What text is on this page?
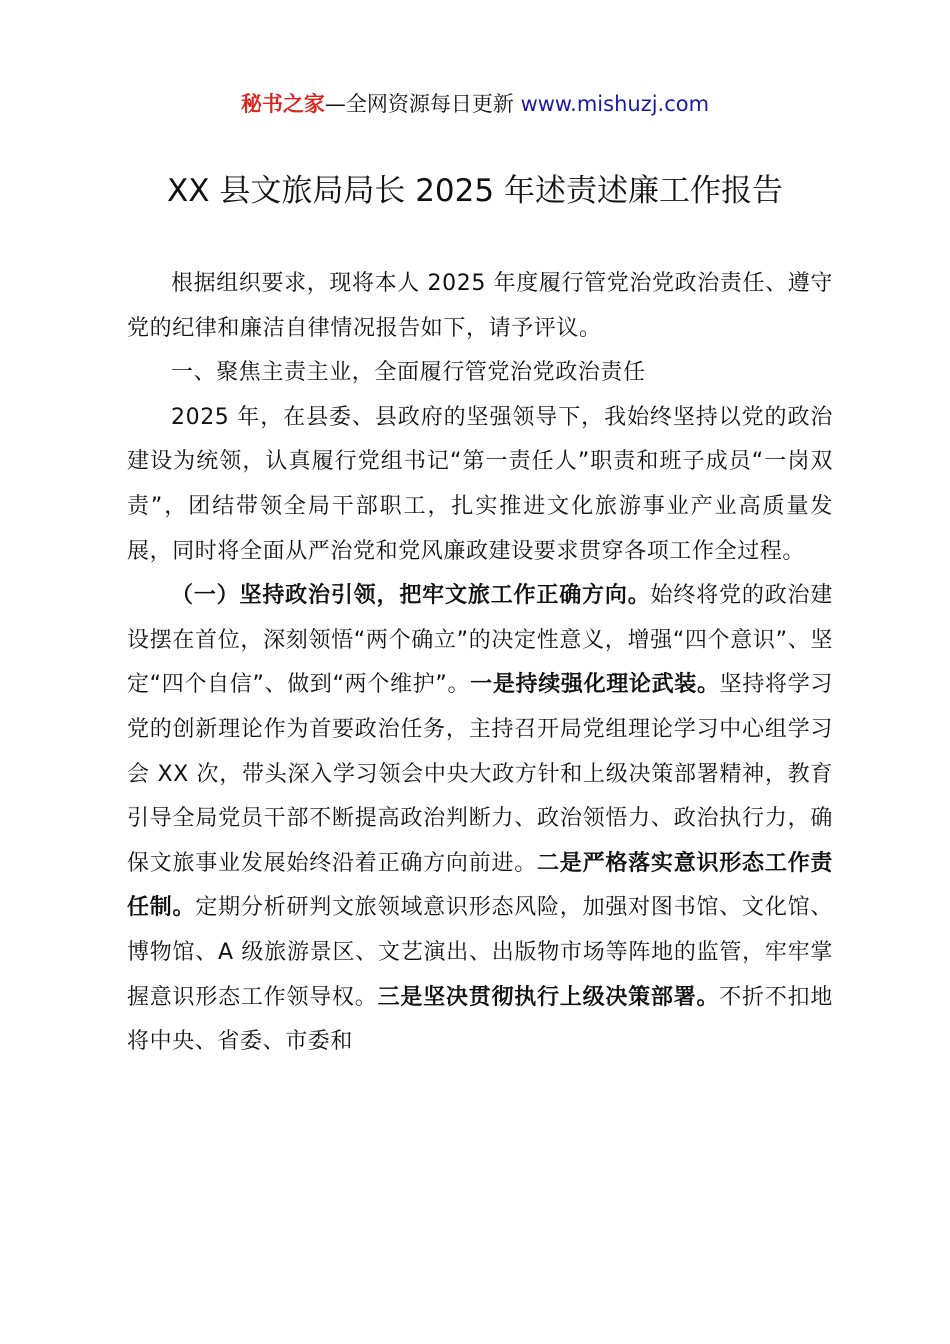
秘书之家—全网资源每日更新 www.mishuzj.com
XX 县文旅局局长 2025 年述责述廉工作报告

根据组织要求，现将本人 2025 年度履行管党治党政治责任、遵守党的纪律和廉洁自律情况报告如下，请予评议。

一、聚焦主责主业，全面履行管党治党政治责任

2025 年，在县委、县政府的坚强领导下，我始终坚持以党的政治建设为统领，认真履行党组书记“第一责任人”职责和班子成员“一岗双责”，团结带领全局干部职工，扎实推进文化旅游事业产业高质量发展，同时将全面从严治党和党风廉政建设要求贯穿各项工作全过程。

（一）坚持政治引领，把牢文旅工作正确方向。始终将党的政治建设摆在首位，深刻领悟“两个确立”的决定性意义，增强“四个意识”、坚定“四个自信”、做到“两个维护”。一是持续强化理论武装。坚持将学习党的创新理论作为首要政治任务，主持召开局党组理论学习中心组学习会 XX 次，带头深入学习领会中央大政方针和上级决策部署精神，教育引导全局党员干部不断提高政治判断力、政治领悟力、政治执行力，确保文旅事业发展始终沿着正确方向前进。二是严格落实意识形态工作责任制。定期分析研判文旅领域意识形态风险，加强对图书馆、文化馆、博物馆、A 级旅游景区、文艺演出、出版物市场等阵地的监管，牢牢掌握意识形态工作领导权。三是坚决贯彻执行上级决策部署。不折不扣地将中央、省委、市委和
